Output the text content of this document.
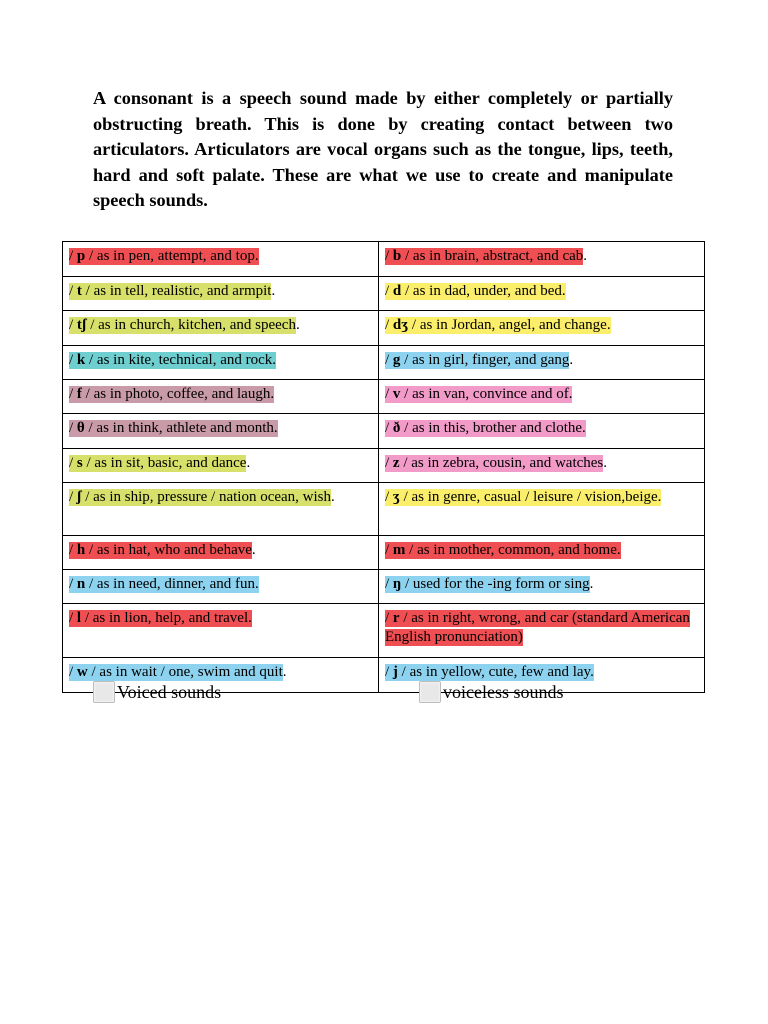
A consonant is a speech sound made by either completely or partially obstructing breath. This is done by creating contact between two articulators. Articulators are vocal organs such as the tongue, lips, teeth, hard and soft palate. These are what we use to create and manipulate speech sounds.

/ p / as in pen, attempt, and top.	/ b / as in brain, abstract, and cab.
/ t / as in tell, realistic, and armpit.	/ d / as in dad, under, and bed.
/ tʃ / as in church, kitchen, and speech.	/ dʒ / as in Jordan, angel, and change.
/ k / as in kite, technical, and rock.	/ g / as in girl, finger, and gang.
/ f / as in photo, coffee, and laugh.	/ v / as in van, convince and of.
/ θ / as in think, athlete and month.	/ ð / as in this, brother and clothe.
/ s / as in sit, basic, and dance.	/ z / as in zebra, cousin, and watches.
/ ʃ / as in ship, pressure / nation ocean, wish.	/ ʒ / as in genre, casual / leisure / vision,beige.
/ h / as in hat, who and behave.	/ m / as in mother, common, and home.
/ n / as in need, dinner, and fun.	/ ŋ / used for the -ing form or sing.
/ l / as in lion, help, and travel.	/ r / as in right, wrong, and car (standard American English pronunciation)
/ w / as in wait / one, swim and quit.	/ j / as in yellow, cute, few and lay.
Voiced sounds	voiceless sounds
